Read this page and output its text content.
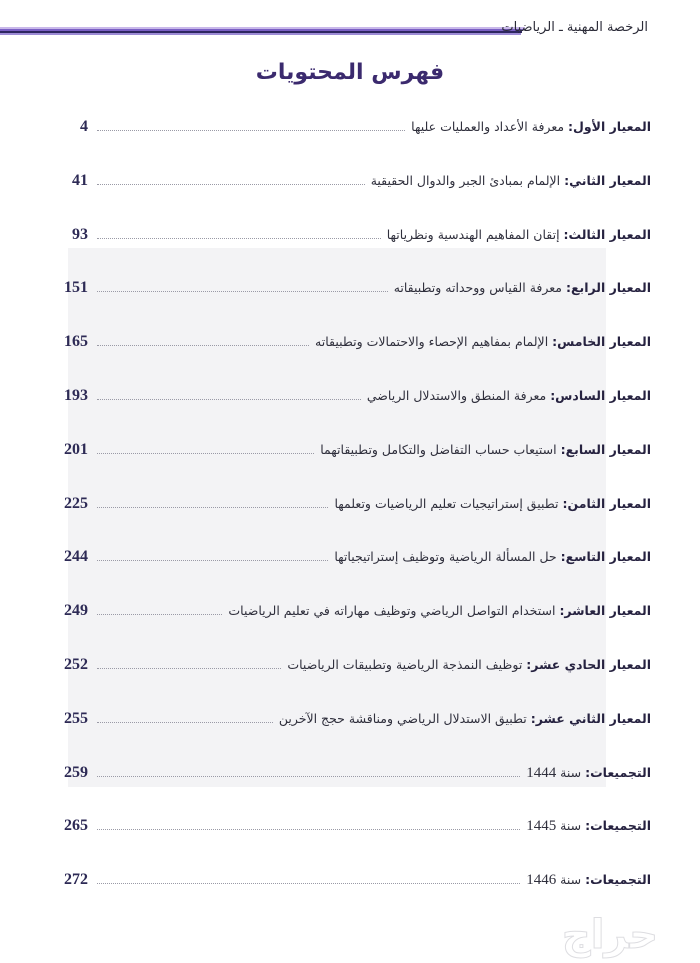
الرخصة المهنية ـ الرياضيات
فهرس المحتويات
4	المعيار الأول: معرفة الأعداد والعمليات عليها
41	المعيار الثاني: الإلمام بمبادئ الجبر والدوال الحقيقية
93	المعيار الثالث: إتقان المفاهيم الهندسية ونظرياتها
151	المعيار الرابع: معرفة القياس ووحداته وتطبيقاته
165	المعيار الخامس: الإلمام بمفاهيم الإحصاء والاحتمالات وتطبيقاته
193	المعيار السادس: معرفة المنطق والاستدلال الرياضي
201	المعيار السابع: استيعاب حساب التفاضل والتكامل وتطبيقاتهما
225	المعيار الثامن: تطبيق إستراتيجيات تعليم الرياضيات وتعلمها
244	المعيار التاسع: حل المسألة الرياضية وتوظيف إستراتيجياتها
249	المعيار العاشر: استخدام التواصل الرياضي وتوظيف مهاراته في تعليم الرياضيات
252	المعيار الحادي عشر: توظيف النمذجة الرياضية وتطبيقات الرياضيات
255	المعيار الثاني عشر: تطبيق الاستدلال الرياضي ومناقشة حجج الآخرين
259	التجميعات: سنة 1444
265	التجميعات: سنة 1445
272	التجميعات: سنة 1446
حراج
